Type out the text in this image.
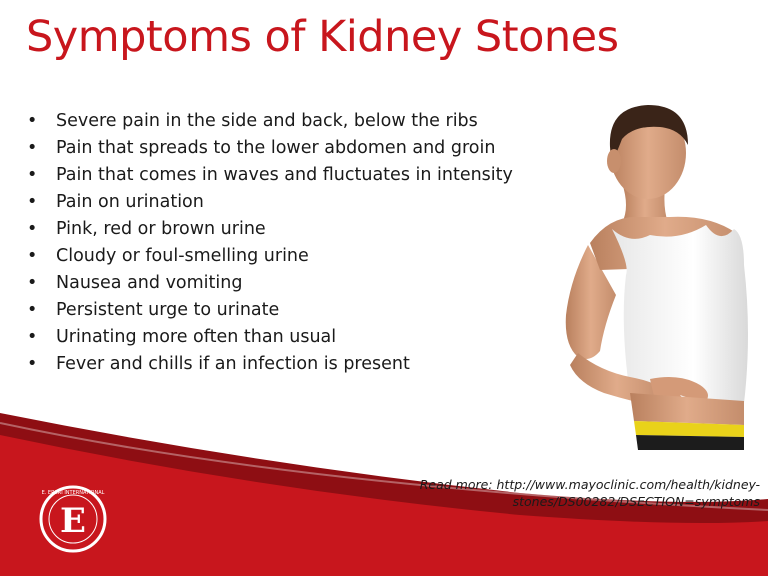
Symptoms of Kidney Stones
• Severe pain in the side and back, below the ribs
• Pain that spreads to the lower abdomen and groin
• Pain that comes in waves and fluctuates in intensity
• Pain on urination
• Pink, red or brown urine
• Cloudy or foul-smelling urine
• Nausea and vomiting
• Persistent urge to urinate
• Urinating more often than usual
• Fever and chills if an infection is present
Read more: http://www.mayoclinic.com/health/kidney-
stones/DS00282/DSECTION=symptoms
E
E. ERCRI INTERNATIONAL
